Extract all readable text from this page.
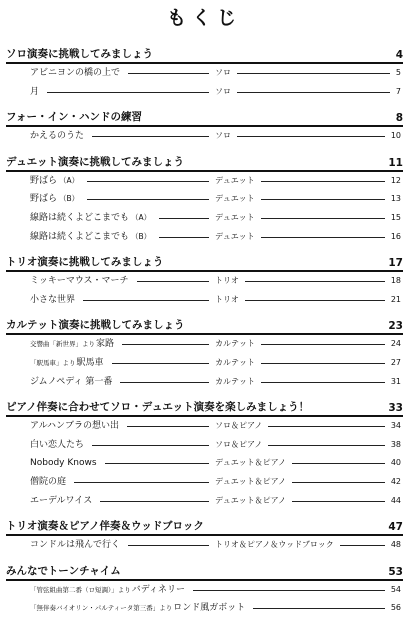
もくじ
ソロ演奏に挑戦してみましょう	4
アビニヨンの橋の上で	ソロ	5
月	ソロ	7
フォー・イン・ハンドの練習	8
かえるのうた	ソロ	10
デュエット演奏に挑戦してみましょう	11
野ばら （A）	デュエット	12
野ばら （B）	デュエット	13
線路は続くよどこまでも （A）	デュエット	15
線路は続くよどこまでも （B）	デュエット	16
トリオ演奏に挑戦してみましょう	17
ミッキーマウス・マーチ	トリオ	18
小さな世界	トリオ	21
カルテット演奏に挑戦してみましょう	23
交響曲「新世界」より家路	カルテット	24
「駅馬車」より駅馬車	カルテット	27
ジムノペディ 第一番	カルテット	31
ピアノ伴奏に合わせてソロ・デュエット演奏を楽しみましょう！	33
アルハンブラの想い出	ソロ＆ピアノ	34
白い恋人たち	ソロ＆ピアノ	38
Nobody Knows	デュエット＆ピアノ	40
僧院の庭	デュエット＆ピアノ	42
エーデルワイス	デュエット＆ピアノ	44
トリオ演奏＆ピアノ伴奏＆ウッドブロック	47
コンドルは飛んで行く	トリオ＆ピアノ＆ウッドブロック	48
みんなでトーンチャイム	53
「管弦組曲第二番（ロ短調）」よりバディネリー	54
「無伴奏バイオリン・パルティータ第三番」よりロンド風ガボット	56
